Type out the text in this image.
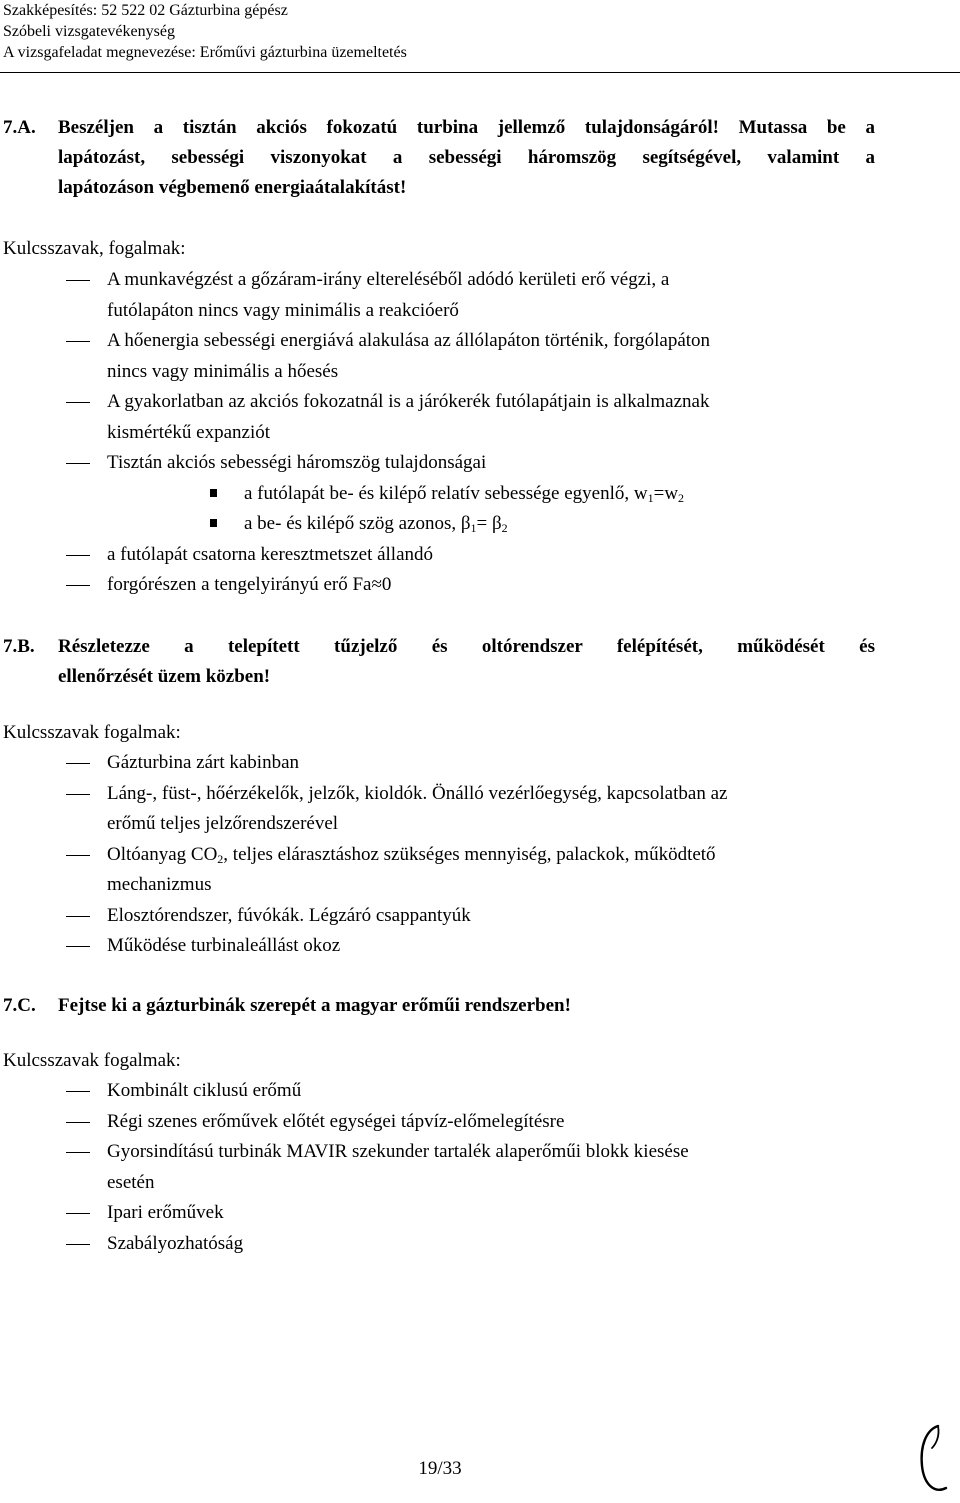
Szakképesítés: 52 522 02 Gázturbina gépész
Szóbeli vizsgatevékenység
A vizsgafeladat megnevezése: Erőművi gázturbina üzemeltetés
7.A. Beszéljen a tisztán akciós fokozatú turbina jellemző tulajdonságáról! Mutassa be a
lapátozást, sebességi viszonyokat a sebességi háromszög segítségével, valamint a
lapátozáson végbemenő energiaátalakítást!
Kulcsszavak, fogalmak:
A munkavégzést a gőzáram-irány eltereléséből adódó kerületi erő végzi, a
futólapáton nincs vagy minimális a reakcióerő
A hőenergia sebességi energiává alakulása az állólapáton történik, forgólapáton
nincs vagy minimális a hőesés
A gyakorlatban az akciós fokozatnál is a járókerék futólapátjain is alkalmaznak
kismértékű expanziót
Tisztán akciós sebességi háromszög tulajdonságai
a futólapát be- és kilépő relatív sebessége egyenlő, $w_1=w_2$
a be- és kilépő szög azonos, $\beta_1= \beta_2$
a futólapát csatorna keresztmetszet állandó
forgórészen a tengelyirányú erő Fa≈0
7.B. Részletezze a telepített tűzjelző és oltórendszer felépítését, működését és
ellenőrzését üzem közben!
Kulcsszavak fogalmak:
Gázturbina zárt kabinban
Láng-, füst-, hőérzékelők, jelzők, kioldók. Önálló vezérlőegység, kapcsolatban az
erőmű teljes jelzőrendszerével
Oltóanyag $CO_2$, teljes elárasztáshoz szükséges mennyiség, palackok, működtető
mechanizmus
Elosztórendszer, fúvókák. Légzáró csappantyúk
Működése turbinaleállást okoz
7.C. Fejtse ki a gázturbinák szerepét a magyar erőműi rendszerben!
Kulcsszavak fogalmak:
Kombinált ciklusú erőmű
Régi szenes erőművek előtét egységei tápvíz-előmelegítésre
Gyorsindítású turbinák MAVIR szekunder tartalék alaperőműi blokk kiesése
esetén
Ipari erőművek
Szabályozhatóság
19/33
